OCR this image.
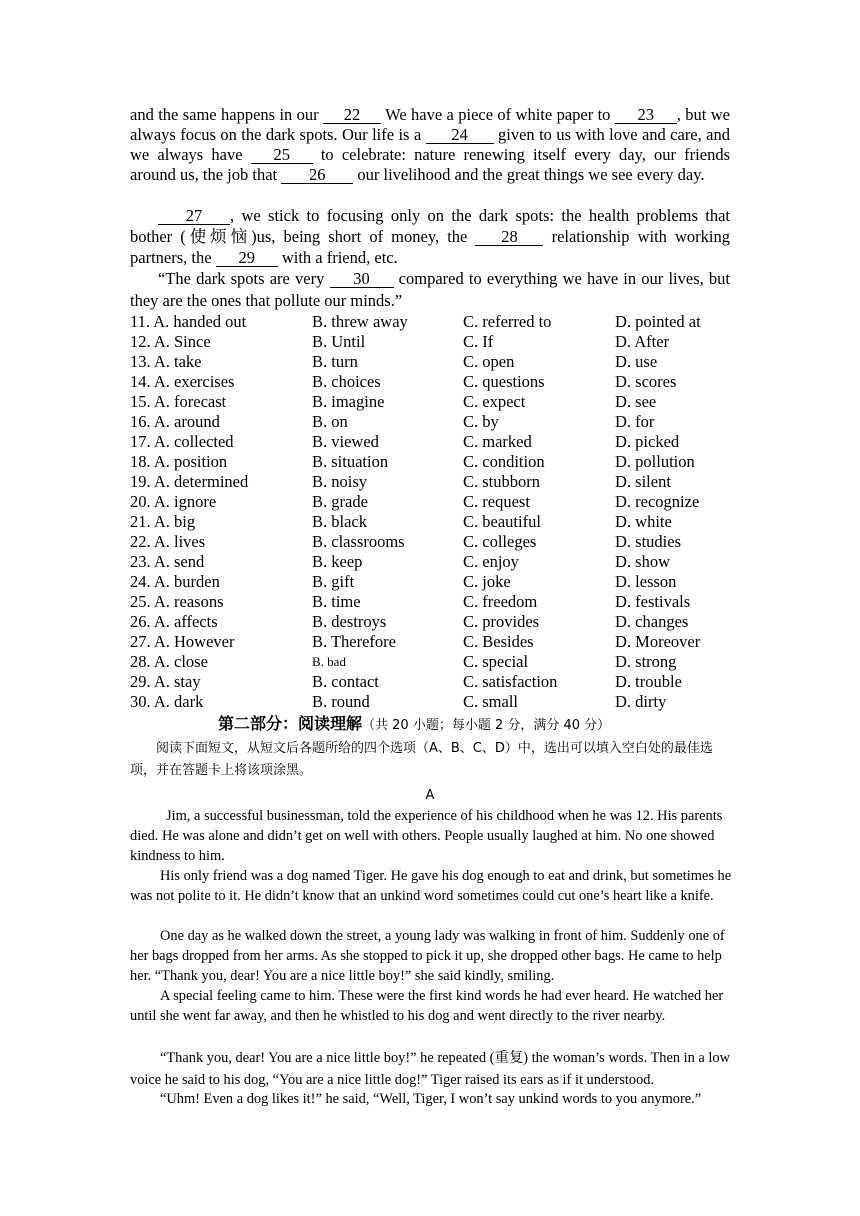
and the same happens in our 22 We have a piece of white paper to 23 , but we always focus on the dark spots. Our life is a 24 given to us with love and care, and we always have 25 to celebrate: nature renewing itself every day, our friends around us, the job that 26 our livelihood and the great things we see every day.
27 , we stick to focusing only on the dark spots: the health problems that bother (使烦恼)us, being short of money, the 28 relationship with working partners, the 29 with a friend, etc.
“The dark spots are very 30 compared to everything we have in our lives, but they are the ones that pollute our minds.”
11. A. handed out	B. threw away	C. referred to	D. pointed at
12. A. Since	B. Until	C. If	D. After
13. A. take	B. turn	C. open	D. use
14. A. exercises	B. choices	C. questions	D. scores
15. A. forecast	B. imagine	C. expect	D. see
16. A. around	B. on	C. by	D. for
17. A. collected	B. viewed	C. marked	D. picked
18. A. position	B. situation	C. condition	D. pollution
19. A. determined	B. noisy	C. stubborn	D. silent
20. A. ignore	B. grade	C. request	D. recognize
21. A. big	B. black	C. beautiful	D. white
22. A. lives	B. classrooms	C. colleges	D. studies
23. A. send	B. keep	C. enjoy	D. show
24. A. burden	B. gift	C. joke	D. lesson
25. A. reasons	B. time	C. freedom	D. festivals
26. A. affects	B. destroys	C. provides	D. changes
27. A. However	B. Therefore	C. Besides	D. Moreover
28. A. close	B. bad	C. special	D. strong
29. A. stay	B. contact	C. satisfaction	D. trouble
30. A. dark	B. round	C. small	D. dirty
第二部分：阅读理解（共 20 小题；每小题 2 分，满分 40 分）
阅读下面短文，从短文后各题所给的四个选项（A、B、C、D）中，选出可以填入空白处的最佳选项，并在答题卡上将该项涂黑。
A
Jim, a successful businessman, told the experience of his childhood when he was 12. His parents died. He was alone and didn’t get on well with others. People usually laughed at him. No one showed kindness to him.
His only friend was a dog named Tiger. He gave his dog enough to eat and drink, but sometimes he was not polite to it. He didn’t know that an unkind word sometimes could cut one’s heart like a knife.
One day as he walked down the street, a young lady was walking in front of him. Suddenly one of her bags dropped from her arms. As she stopped to pick it up, she dropped other bags. He came to help her. “Thank you, dear! You are a nice little boy!” she said kindly, smiling.
A special feeling came to him. These were the first kind words he had ever heard. He watched her until she went far away, and then he whistled to his dog and went directly to the river nearby.
“Thank you, dear! You are a nice little boy!” he repeated (重复) the woman’s words. Then in a low voice he said to his dog, “You are a nice little dog!” Tiger raised its ears as if it understood.
“Uhm! Even a dog likes it!” he said, “Well, Tiger, I won’t say unkind words to you anymore.”
